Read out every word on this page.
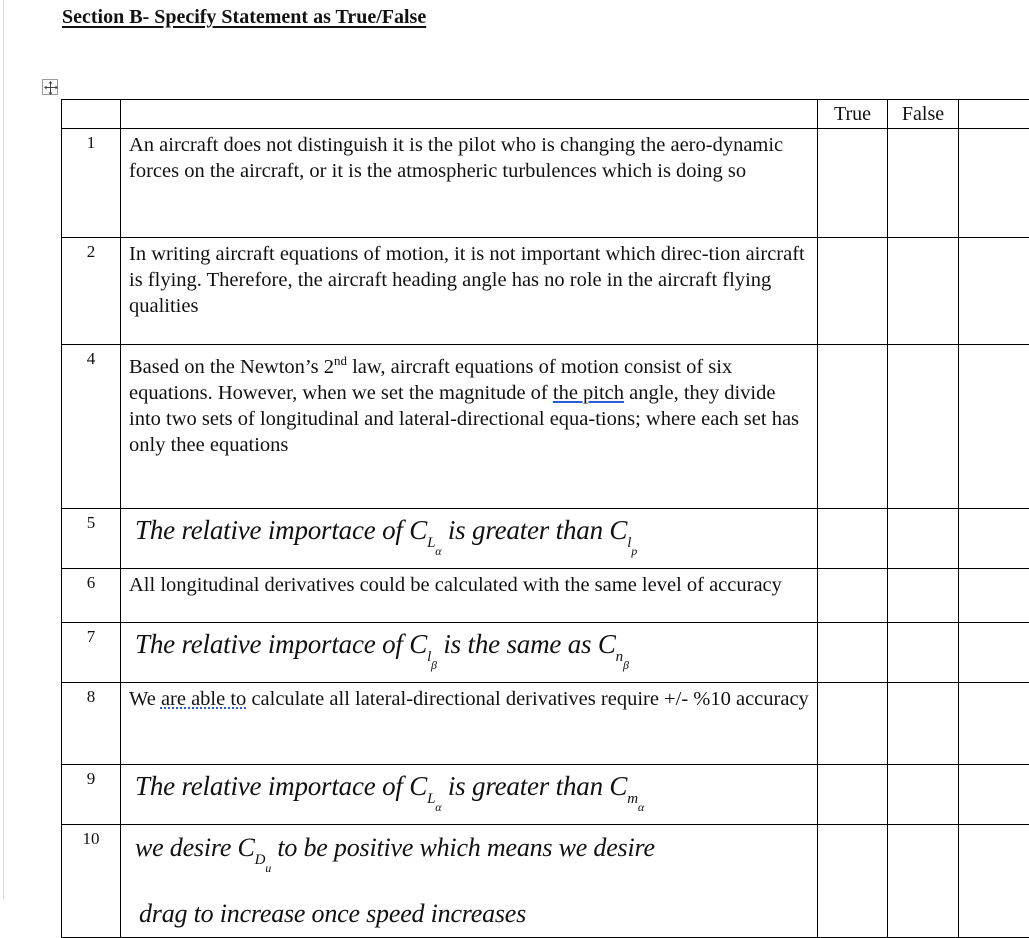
Section B- Specify Statement as True/False
		True	False	
1	An aircraft does not distinguish it is the pilot who is changing the aero-dynamic forces on the aircraft, or it is the atmospheric turbulences which is doing so			
2	In writing aircraft equations of motion, it is not important which direc-tion aircraft is flying. Therefore, the aircraft heading angle has no role in the aircraft flying qualities			
4	Based on the Newton’s 2nd law, aircraft equations of motion consist of six equations. However, when we set the magnitude of the pitch angle, they divide into two sets of longitudinal and lateral-directional equa-tions; where each set has only thee equations			
5	The relative importace of $C_{L\alpha}$ is greater than $C_{lp}$			
6	All longitudinal derivatives could be calculated with the same level of accuracy			
7	The relative importace of $C_{l\beta}$ is the same as $C_{n\beta}$			
8	We are able to calculate all lateral-directional derivatives require +/- %10 accuracy			
9	The relative importace of $C_{L\alpha}$ is greater than $C_{m\alpha}$			
10	we desire $C_{Du}$ to be positive which means we desire
drag to increase once speed increases			
